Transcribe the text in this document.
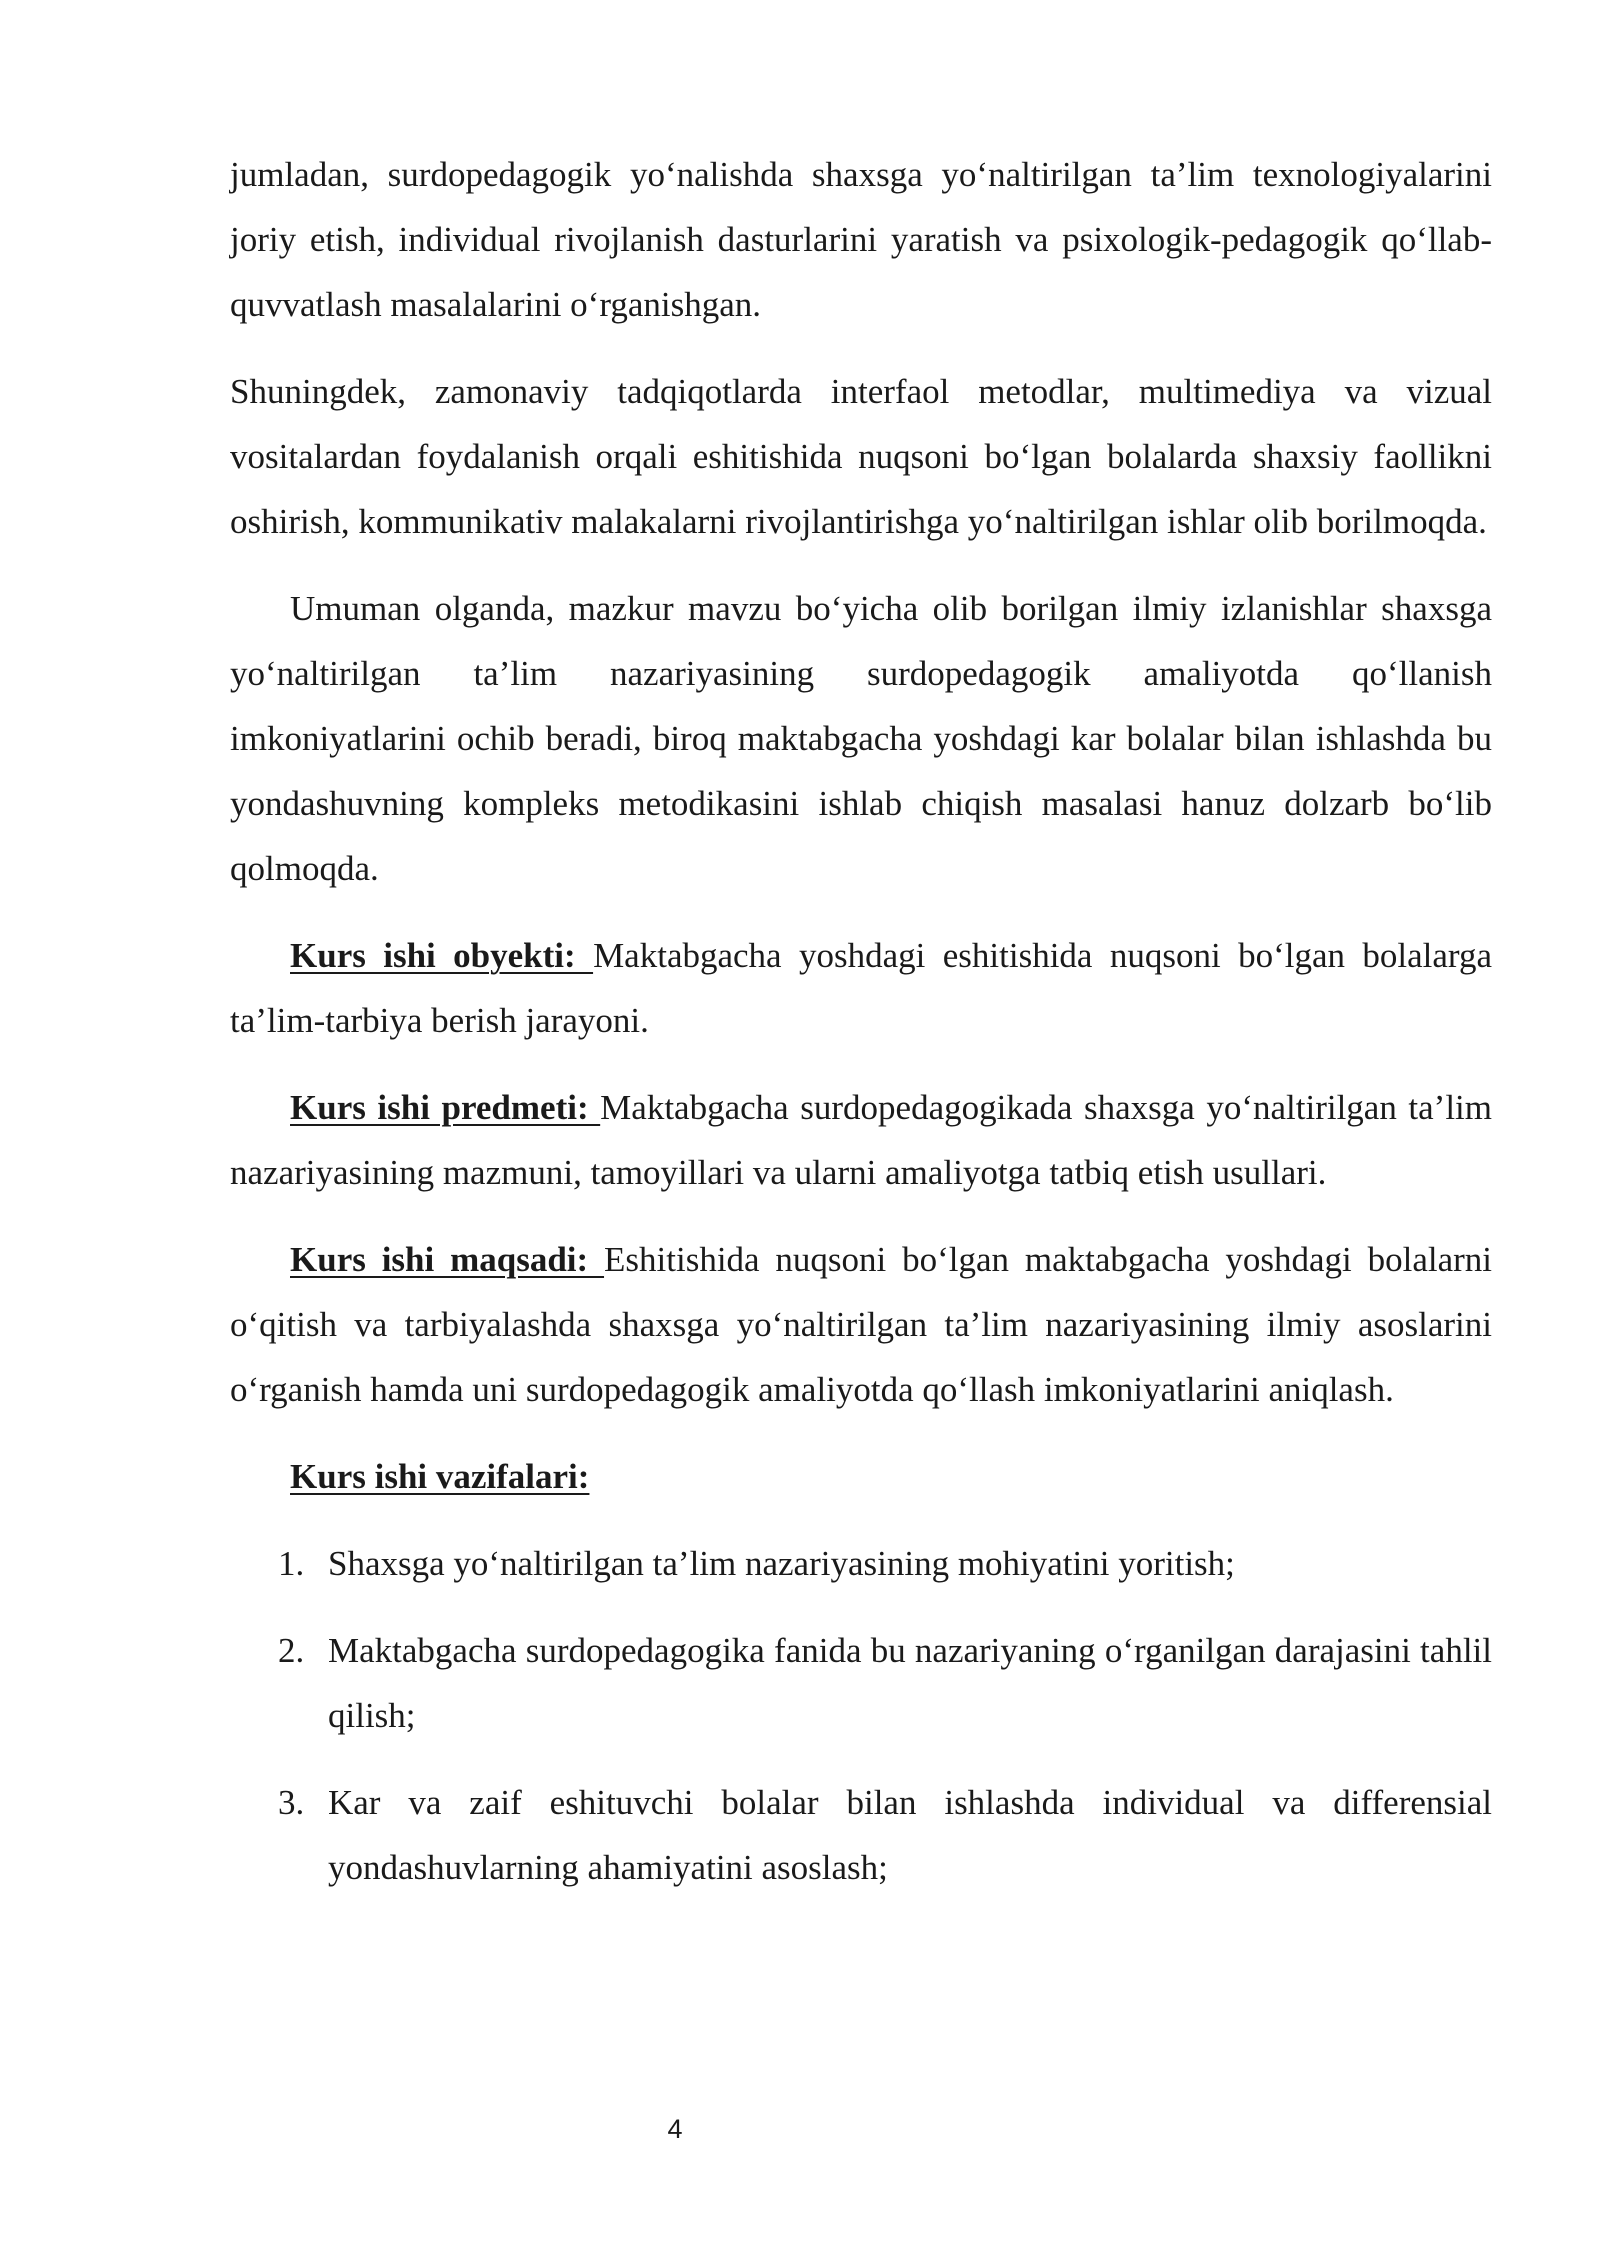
jumladan, surdopedagogik yo‘nalishda shaxsga yo‘naltirilgan ta’lim texnologiyalarini joriy etish, individual rivojlanish dasturlarini yaratish va psixologik-pedagogik qo‘llab-quvvatlash masalalarini o‘rganishgan.

Shuningdek, zamonaviy tadqiqotlarda interfaol metodlar, multimediya va vizual vositalardan foydalanish orqali eshitishida nuqsoni bo‘lgan bolalarda shaxsiy faollikni oshirish, kommunikativ malakalarni rivojlantirishga yo‘naltirilgan ishlar olib borilmoqda.

Umuman olganda, mazkur mavzu bo‘yicha olib borilgan ilmiy izlanishlar shaxsga yo‘naltirilgan ta’lim nazariyasining surdopedagogik amaliyotda qo‘llanish imkoniyatlarini ochib beradi, biroq maktabgacha yoshdagi kar bolalar bilan ishlashda bu yondashuvning kompleks metodikasini ishlab chiqish masalasi hanuz dolzarb bo‘lib qolmoqda.

Kurs ishi obyekti: Maktabgacha yoshdagi eshitishida nuqsoni bo‘lgan bolalarga ta’lim-tarbiya berish jarayoni.

Kurs ishi predmeti: Maktabgacha surdopedagogikada shaxsga yo‘naltirilgan ta’lim nazariyasining mazmuni, tamoyillari va ularni amaliyotga tatbiq etish usullari.

Kurs ishi maqsadi: Eshitishida nuqsoni bo‘lgan maktabgacha yoshdagi bolalarni o‘qitish va tarbiyalashda shaxsga yo‘naltirilgan ta’lim nazariyasining ilmiy asoslarini o‘rganish hamda uni surdopedagogik amaliyotda qo‘llash imkoniyatlarini aniqlash.

Kurs ishi vazifalari:
1. Shaxsga yo‘naltirilgan ta’lim nazariyasining mohiyatini yoritish;
2. Maktabgacha surdopedagogika fanida bu nazariyaning o‘rganilgan darajasini tahlil qilish;
3. Kar va zaif eshituvchi bolalar bilan ishlashda individual va differensial yondashuvlarning ahamiyatini asoslash;
4
